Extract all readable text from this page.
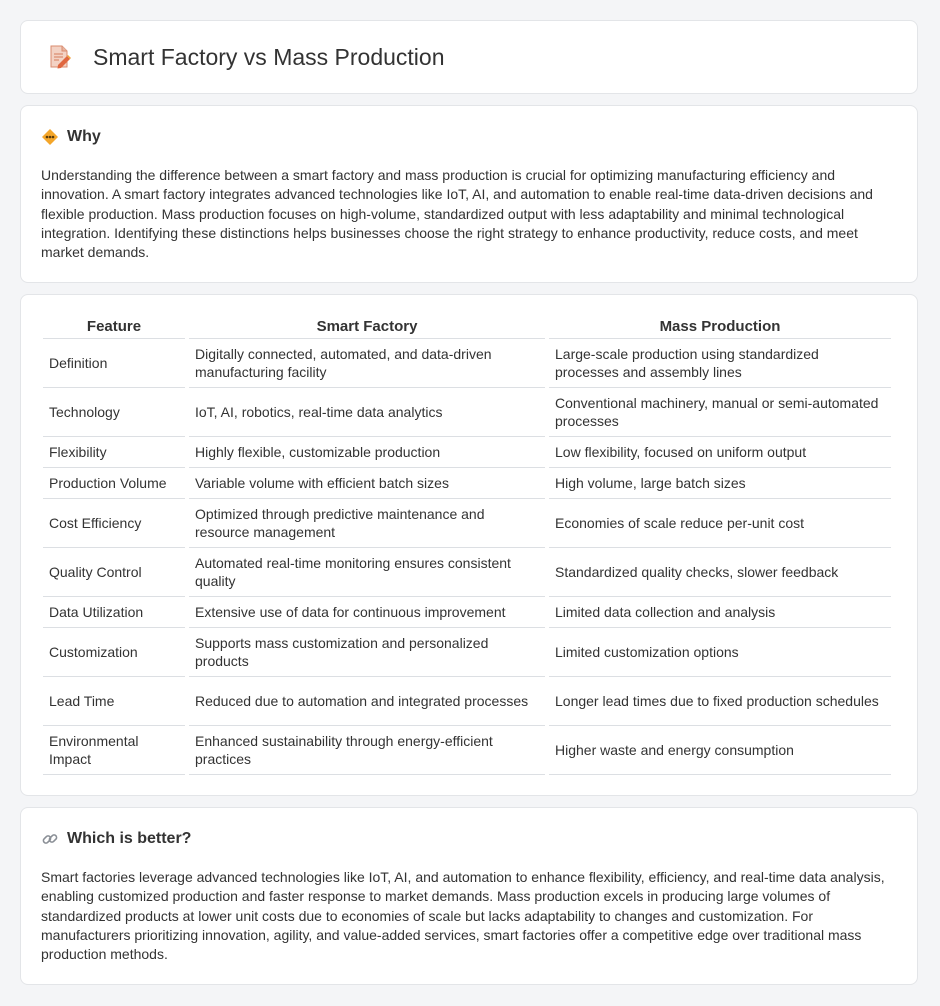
Smart Factory vs Mass Production
Why

Understanding the difference between a smart factory and mass production is crucial for optimizing manufacturing efficiency and innovation. A smart factory integrates advanced technologies like IoT, AI, and automation to enable real-time data-driven decisions and flexible production. Mass production focuses on high-volume, standardized output with less adaptability and minimal technological integration. Identifying these distinctions helps businesses choose the right strategy to enhance productivity, reduce costs, and meet market demands.

Feature	Smart Factory	Mass Production
Definition	Digitally connected, automated, and data-driven manufacturing facility	Large-scale production using standardized processes and assembly lines
Technology	IoT, AI, robotics, real-time data analytics	Conventional machinery, manual or semi-automated processes
Flexibility	Highly flexible, customizable production	Low flexibility, focused on uniform output
Production Volume	Variable volume with efficient batch sizes	High volume, large batch sizes
Cost Efficiency	Optimized through predictive maintenance and resource management	Economies of scale reduce per-unit cost
Quality Control	Automated real-time monitoring ensures consistent quality	Standardized quality checks, slower feedback
Data Utilization	Extensive use of data for continuous improvement	Limited data collection and analysis
Customization	Supports mass customization and personalized products	Limited customization options
Lead Time	Reduced due to automation and integrated processes	Longer lead times due to fixed production schedules
Environmental Impact	Enhanced sustainability through energy-efficient practices	Higher waste and energy consumption
Which is better?

Smart factories leverage advanced technologies like IoT, AI, and automation to enhance flexibility, efficiency, and real-time data analysis, enabling customized production and faster response to market demands. Mass production excels in producing large volumes of standardized products at lower unit costs due to economies of scale but lacks adaptability to changes and customization. For manufacturers prioritizing innovation, agility, and value-added services, smart factories offer a competitive edge over traditional mass production methods.
